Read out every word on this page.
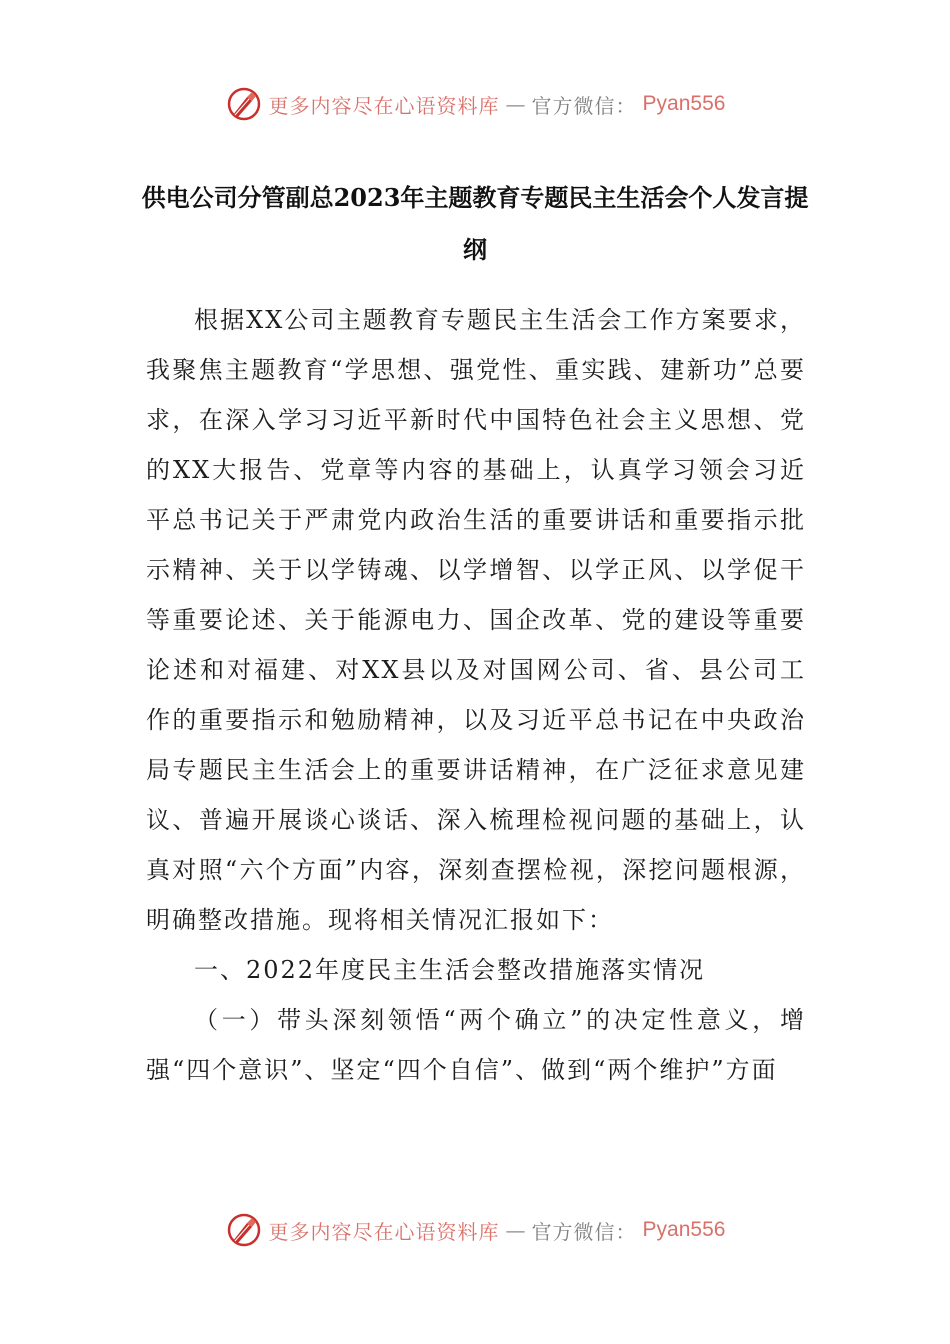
更多内容尽在心语资料库 — 官方微信： Pyan556
供电公司分管副总2023年主题教育专题民主生活会个人发言提纲

根据XX公司主题教育专题民主生活会工作方案要求，我聚焦主题教育“学思想、强党性、重实践、建新功”总要求，在深入学习习近平新时代中国特色社会主义思想、党的XX大报告、党章等内容的基础上，认真学习领会习近平总书记关于严肃党内政治生活的重要讲话和重要指示批示精神、关于以学铸魂、以学增智、以学正风、以学促干等重要论述、关于能源电力、国企改革、党的建设等重要论述和对福建、对XX县以及对国网公司、省、县公司工作的重要指示和勉励精神，以及习近平总书记在中央政治局专题民主生活会上的重要讲话精神，在广泛征求意见建议、普遍开展谈心谈话、深入梳理检视问题的基础上，认真对照“六个方面”内容，深刻查摆检视，深挖问题根源，明确整改措施。现将相关情况汇报如下：

一、2022年度民主生活会整改措施落实情况

（一）带头深刻领悟“两个确立”的决定性意义，增强“四个意识”、坚定“四个自信”、做到“两个维护”方面

更多内容尽在心语资料库 — 官方微信： Pyan556
